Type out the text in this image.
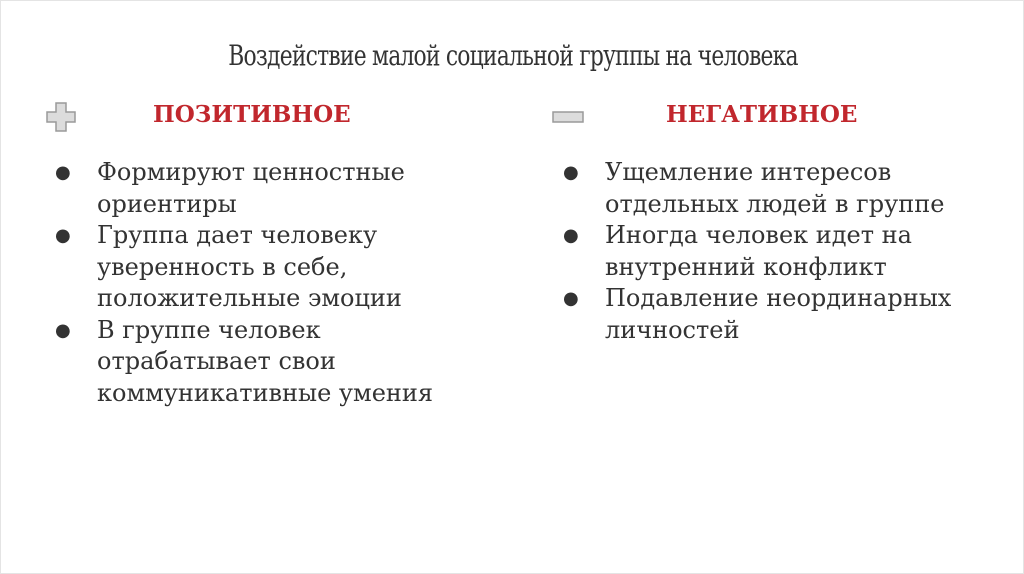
Воздействие малой социальной группы на человека
ПОЗИТИВНОЕ
● Формируют ценностные ориентиры
● Группа дает человеку уверенность в себе, положительные эмоции
● В группе человек отрабатывает свои коммуникативные умения
НЕГАТИВНОЕ
● Ущемление интересов отдельных людей в группе
● Иногда человек идет на внутренний конфликт
● Подавление неординарных личностей
